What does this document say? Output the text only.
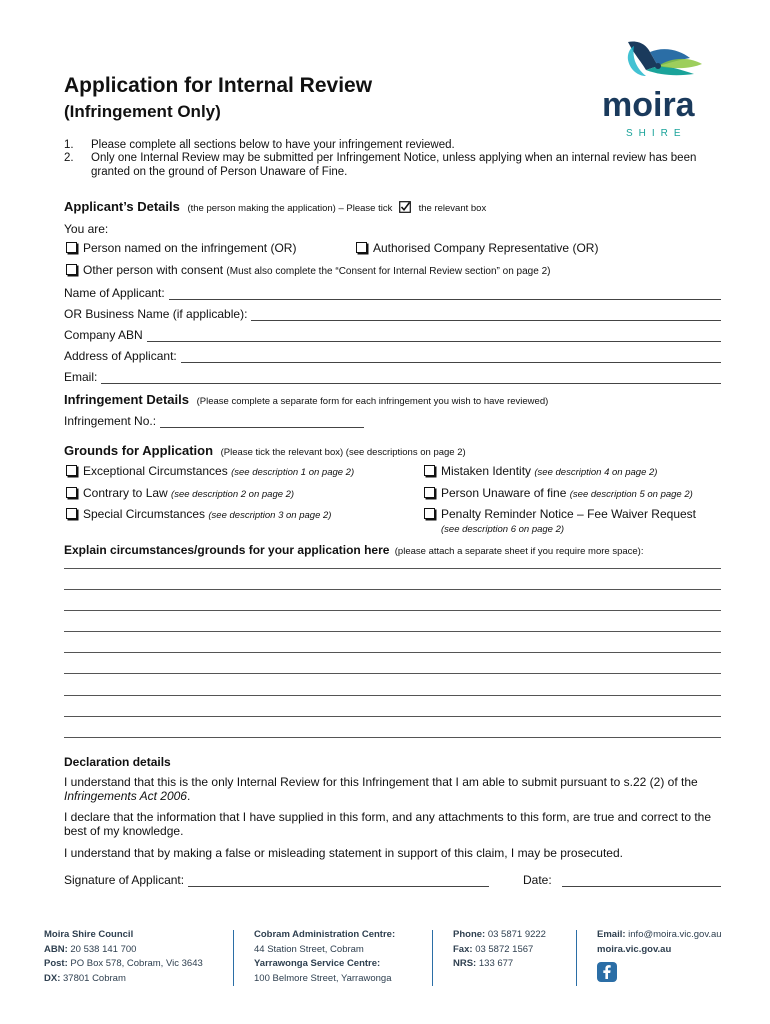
Application for Internal Review
(Infringement Only)	moira
SHIRE
1. Please complete all sections below to have your infringement reviewed.
2. Only one Internal Review may be submitted per Infringement Notice, unless applying when an internal review has been granted on the ground of Person Unaware of Fine.
Applicant’s Details (the person making the application) – Please tick	the relevant box
You are:
Person named on the infringement (OR)	Authorised Company Representative (OR)
Other person with consent (Must also complete the “Consent for Internal Review section” on page 2)
Name of Applicant:
OR Business Name (if applicable):
Company ABN
Address of Applicant:
Email:
Infringement Details (Please complete a separate form for each infringement you wish to have reviewed)
Infringement No.:
Grounds for Application (Please tick the relevant box) (see descriptions on page 2)
Exceptional Circumstances (see description 1 on page 2)
Contrary to Law (see description 2 on page 2)
Special Circumstances (see description 3 on page 2)
Mistaken Identity (see description 4 on page 2)
Person Unaware of fine (see description 5 on page 2)
Penalty Reminder Notice – Fee Waiver Request
(see description 6 on page 2)
Explain circumstances/grounds for your application here (please attach a separate sheet if you require more space):
Declaration details
I understand that this is the only Internal Review for this Infringement that I am able to submit pursuant to s.22 (2) of the Infringements Act 2006.
I declare that the information that I have supplied in this form, and any attachments to this form, are true and correct to the best of my knowledge.
I understand that by making a false or misleading statement in support of this claim, I may be prosecuted.
Signature of Applicant:	Date:
Moira Shire Council
ABN: 20 538 141 700
Post: PO Box 578, Cobram, Vic 3643
DX: 37801 Cobram
Cobram Administration Centre:
44 Station Street, Cobram
Yarrawonga Service Centre:
100 Belmore Street, Yarrawonga
Phone: 03 5871 9222
Fax: 03 5872 1567
NRS: 133 677
Email: info@moira.vic.gov.au
moira.vic.gov.au
